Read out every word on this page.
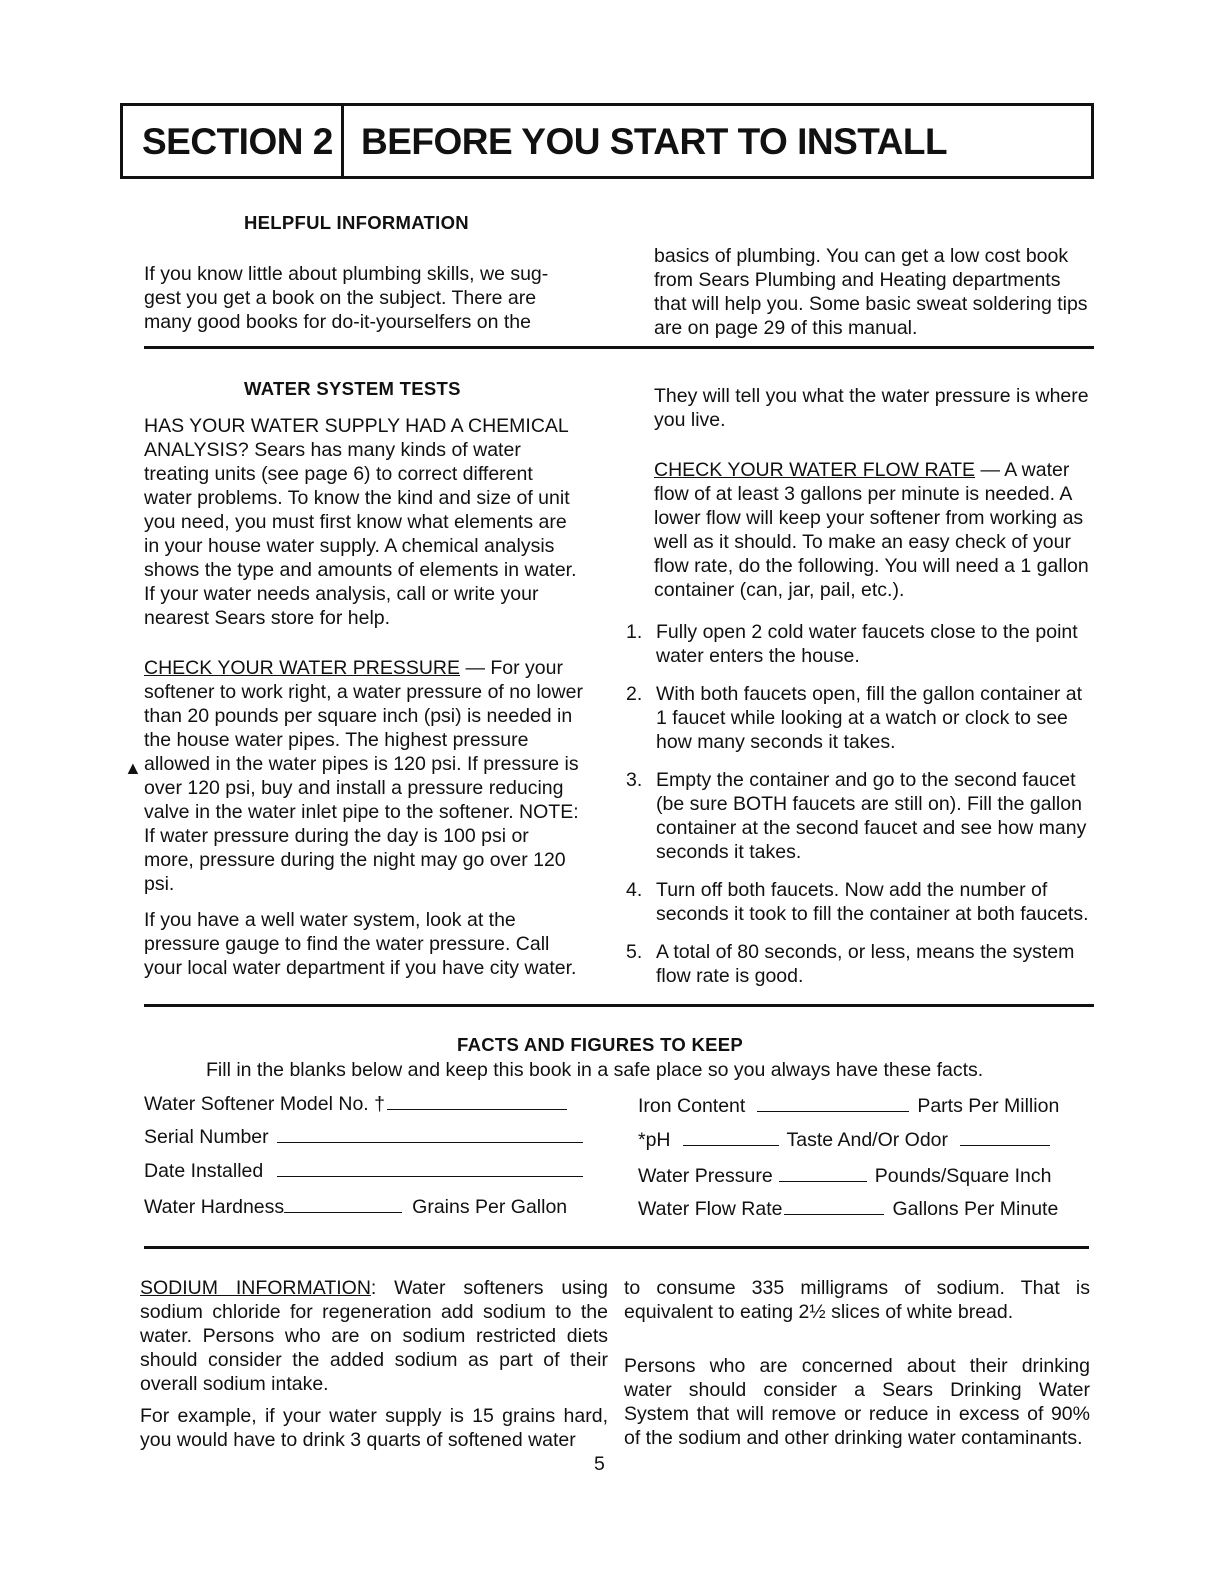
SECTION 2 BEFORE YOU START TO INSTALL
HELPFUL INFORMATION
If you know little about plumbing skills, we sug-
gest you get a book on the subject. There are
many good books for do-it-yourselfers on the
basics of plumbing. You can get a low cost book
from Sears Plumbing and Heating departments
that will help you. Some basic sweat soldering tips
are on page 29 of this manual.
WATER SYSTEM TESTS

HAS YOUR WATER SUPPLY HAD A CHEMICAL ANALYSIS? Sears has many kinds of water treating units (see page 6) to correct different water problems. To know the kind and size of unit you need, you must first know what elements are in your house water supply. A chemical analysis shows the type and amounts of elements in water. If your water needs analysis, call or write your nearest Sears store for help.

CHECK YOUR WATER PRESSURE — For your softener to work right, a water pressure of no lower than 20 pounds per square inch (psi) is needed in the house water pipes. The highest pressure allowed in the water pipes is 120 psi. If pressure is over 120 psi, buy and install a pressure reducing valve in the water inlet pipe to the softener. NOTE: If water pressure during the day is 100 psi or more, pressure during the night may go over 120 psi.

If you have a well water system, look at the pressure gauge to find the water pressure. Call your local water department if you have city water.

▲

They will tell you what the water pressure is where you live.

CHECK YOUR WATER FLOW RATE — A water flow of at least 3 gallons per minute is needed. A lower flow will keep your softener from working as well as it should. To make an easy check of your flow rate, do the following. You will need a 1 gallon container (can, jar, pail, etc.).

1. Fully open 2 cold water faucets close to the point water enters the house.
2. With both faucets open, fill the gallon container at 1 faucet while looking at a watch or clock to see how many seconds it takes.
3. Empty the container and go to the second faucet (be sure BOTH faucets are still on). Fill the gallon container at the second faucet and see how many seconds it takes.
4. Turn off both faucets. Now add the number of seconds it took to fill the container at both faucets.
5. A total of 80 seconds, or less, means the system flow rate is good.
FACTS AND FIGURES TO KEEP
Fill in the blanks below and keep this book in a safe place so you always have these facts.
Water Softener Model No. †
Serial Number
Date Installed
Water Hardness	Grains Per Gallon
Iron Content	Parts Per Million
*pH	Taste And/Or Odor
Water Pressure	Pounds/Square Inch
Water Flow Rate	Gallons Per Minute

SODIUM INFORMATION: Water softeners using sodium chloride for regeneration add sodium to the water. Persons who are on sodium restricted diets should consider the added sodium as part of their overall sodium intake.

For example, if your water supply is 15 grains hard, you would have to drink 3 quarts of softened water

to consume 335 milligrams of sodium. That is equivalent to eating 2½ slices of white bread.

Persons who are concerned about their drinking water should consider a Sears Drinking Water System that will remove or reduce in excess of 90% of the sodium and other drinking water contaminants.

5
